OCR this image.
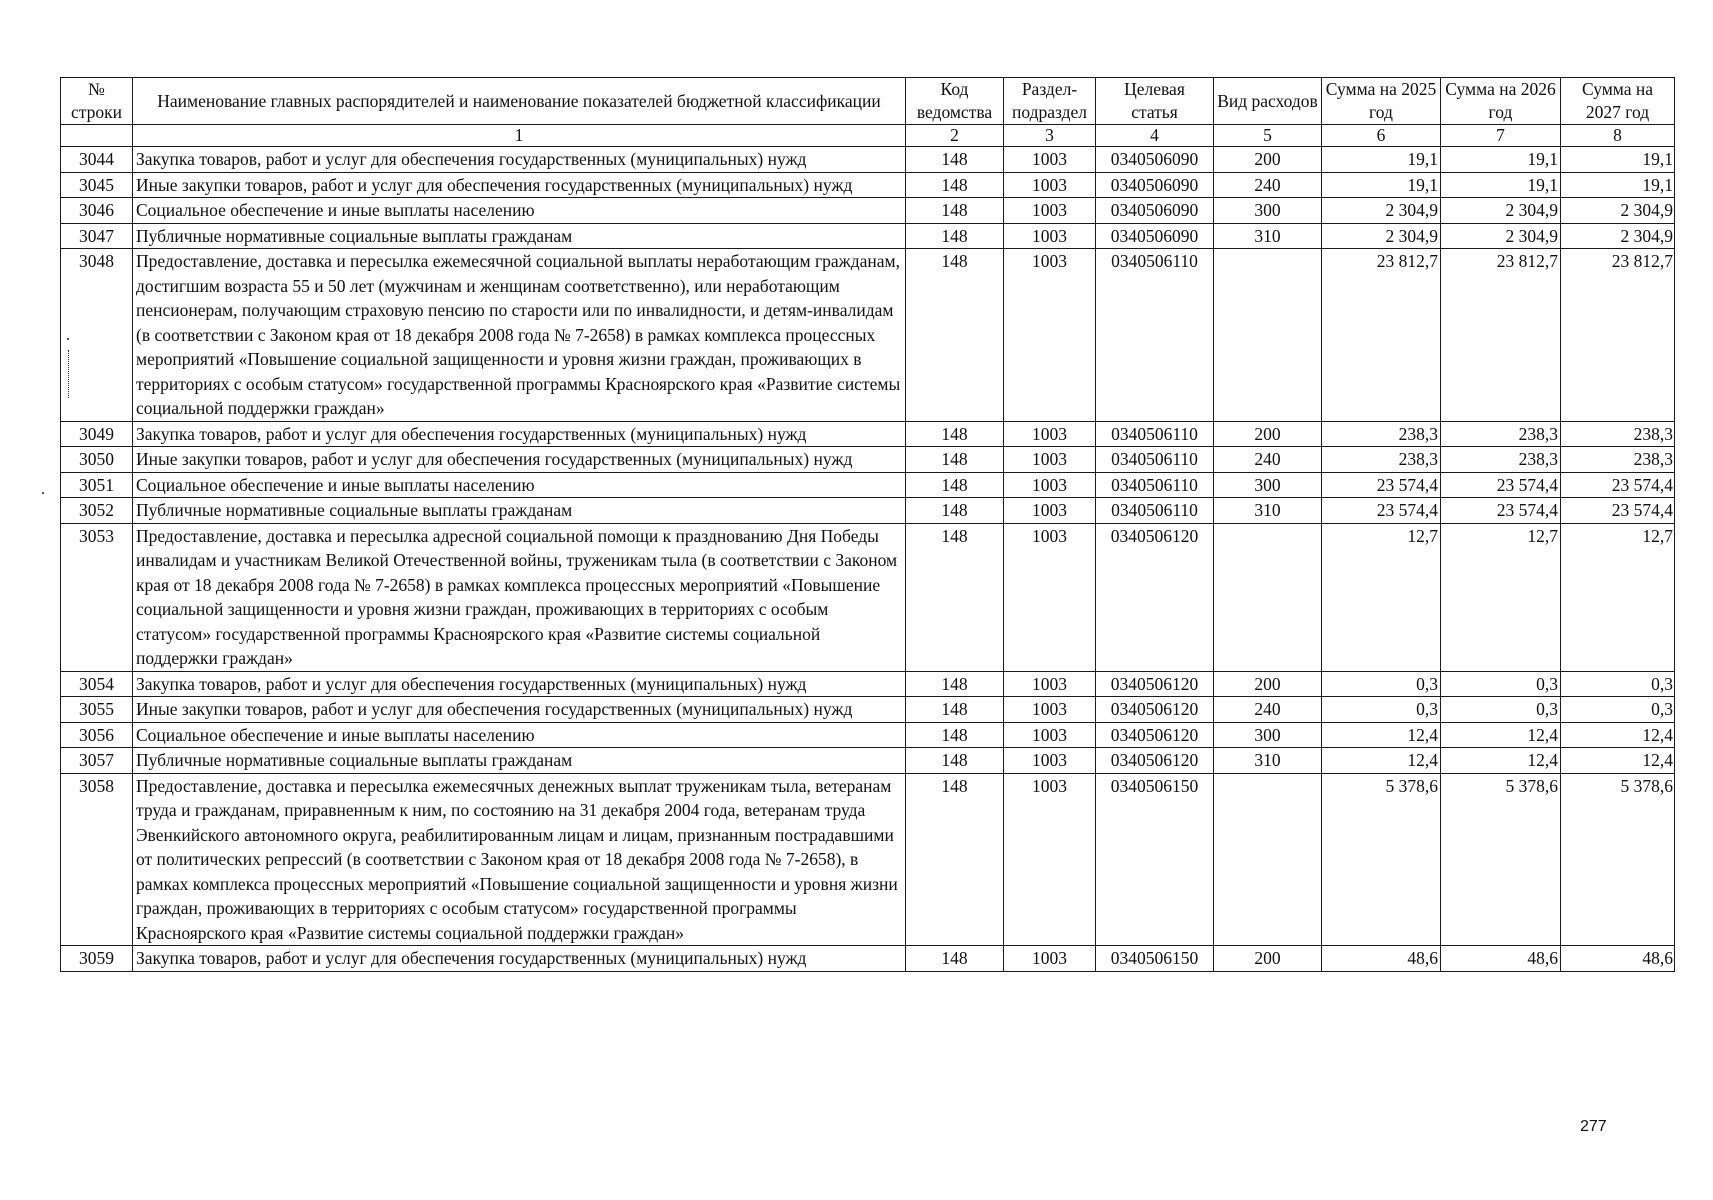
№ строки	Наименование главных распорядителей и наименование показателей бюджетной классификации	Код ведомства	Раздел-подраздел	Целевая статья	Вид расходов	Сумма на 2025 год	Сумма на 2026 год	Сумма на 2027 год
	1	2	3	4	5	6	7	8
3044	Закупка товаров, работ и услуг для обеспечения государственных (муниципальных) нужд	148	1003	0340506090	200	19,1	19,1	19,1
3045	Иные закупки товаров, работ и услуг для обеспечения государственных (муниципальных) нужд	148	1003	0340506090	240	19,1	19,1	19,1
3046	Социальное обеспечение и иные выплаты населению	148	1003	0340506090	300	2 304,9	2 304,9	2 304,9
3047	Публичные нормативные социальные выплаты гражданам	148	1003	0340506090	310	2 304,9	2 304,9	2 304,9
3048	Предоставление, доставка и пересылка ежемесячной социальной выплаты неработающим гражданам, достигшим возраста 55 и 50 лет (мужчинам и женщинам соответственно), или неработающим пенсионерам, получающим страховую пенсию по старости или по инвалидности, и детям-инвалидам (в соответствии с Законом края от 18 декабря 2008 года № 7-2658) в рамках комплекса процессных мероприятий «Повышение социальной защищенности и уровня жизни граждан, проживающих в территориях с особым статусом» государственной программы Красноярского края «Развитие системы социальной поддержки граждан»	148	1003	0340506110		23 812,7	23 812,7	23 812,7
3049	Закупка товаров, работ и услуг для обеспечения государственных (муниципальных) нужд	148	1003	0340506110	200	238,3	238,3	238,3
3050	Иные закупки товаров, работ и услуг для обеспечения государственных (муниципальных) нужд	148	1003	0340506110	240	238,3	238,3	238,3
3051	Социальное обеспечение и иные выплаты населению	148	1003	0340506110	300	23 574,4	23 574,4	23 574,4
3052	Публичные нормативные социальные выплаты гражданам	148	1003	0340506110	310	23 574,4	23 574,4	23 574,4
3053	Предоставление, доставка и пересылка адресной социальной помощи к празднованию Дня Победы инвалидам и участникам Великой Отечественной войны, труженикам тыла (в соответствии с Законом края от 18 декабря 2008 года № 7-2658) в рамках комплекса процессных мероприятий «Повышение социальной защищенности и уровня жизни граждан, проживающих в территориях с особым статусом» государственной программы Красноярского края «Развитие системы социальной поддержки граждан»	148	1003	0340506120		12,7	12,7	12,7
3054	Закупка товаров, работ и услуг для обеспечения государственных (муниципальных) нужд	148	1003	0340506120	200	0,3	0,3	0,3
3055	Иные закупки товаров, работ и услуг для обеспечения государственных (муниципальных) нужд	148	1003	0340506120	240	0,3	0,3	0,3
3056	Социальное обеспечение и иные выплаты населению	148	1003	0340506120	300	12,4	12,4	12,4
3057	Публичные нормативные социальные выплаты гражданам	148	1003	0340506120	310	12,4	12,4	12,4
3058	Предоставление, доставка и пересылка ежемесячных денежных выплат труженикам тыла, ветеранам труда и гражданам, приравненным к ним, по состоянию на 31 декабря 2004 года, ветеранам труда Эвенкийского автономного округа, реабилитированным лицам и лицам, признанным пострадавшими от политических репрессий (в соответствии с Законом края от 18 декабря 2008 года № 7-2658), в рамках комплекса процессных мероприятий «Повышение социальной защищенности и уровня жизни граждан, проживающих в территориях с особым статусом» государственной программы Красноярского края «Развитие системы социальной поддержки граждан»	148	1003	0340506150		5 378,6	5 378,6	5 378,6
3059	Закупка товаров, работ и услуг для обеспечения государственных (муниципальных) нужд	148	1003	0340506150	200	48,6	48,6	48,6
277
